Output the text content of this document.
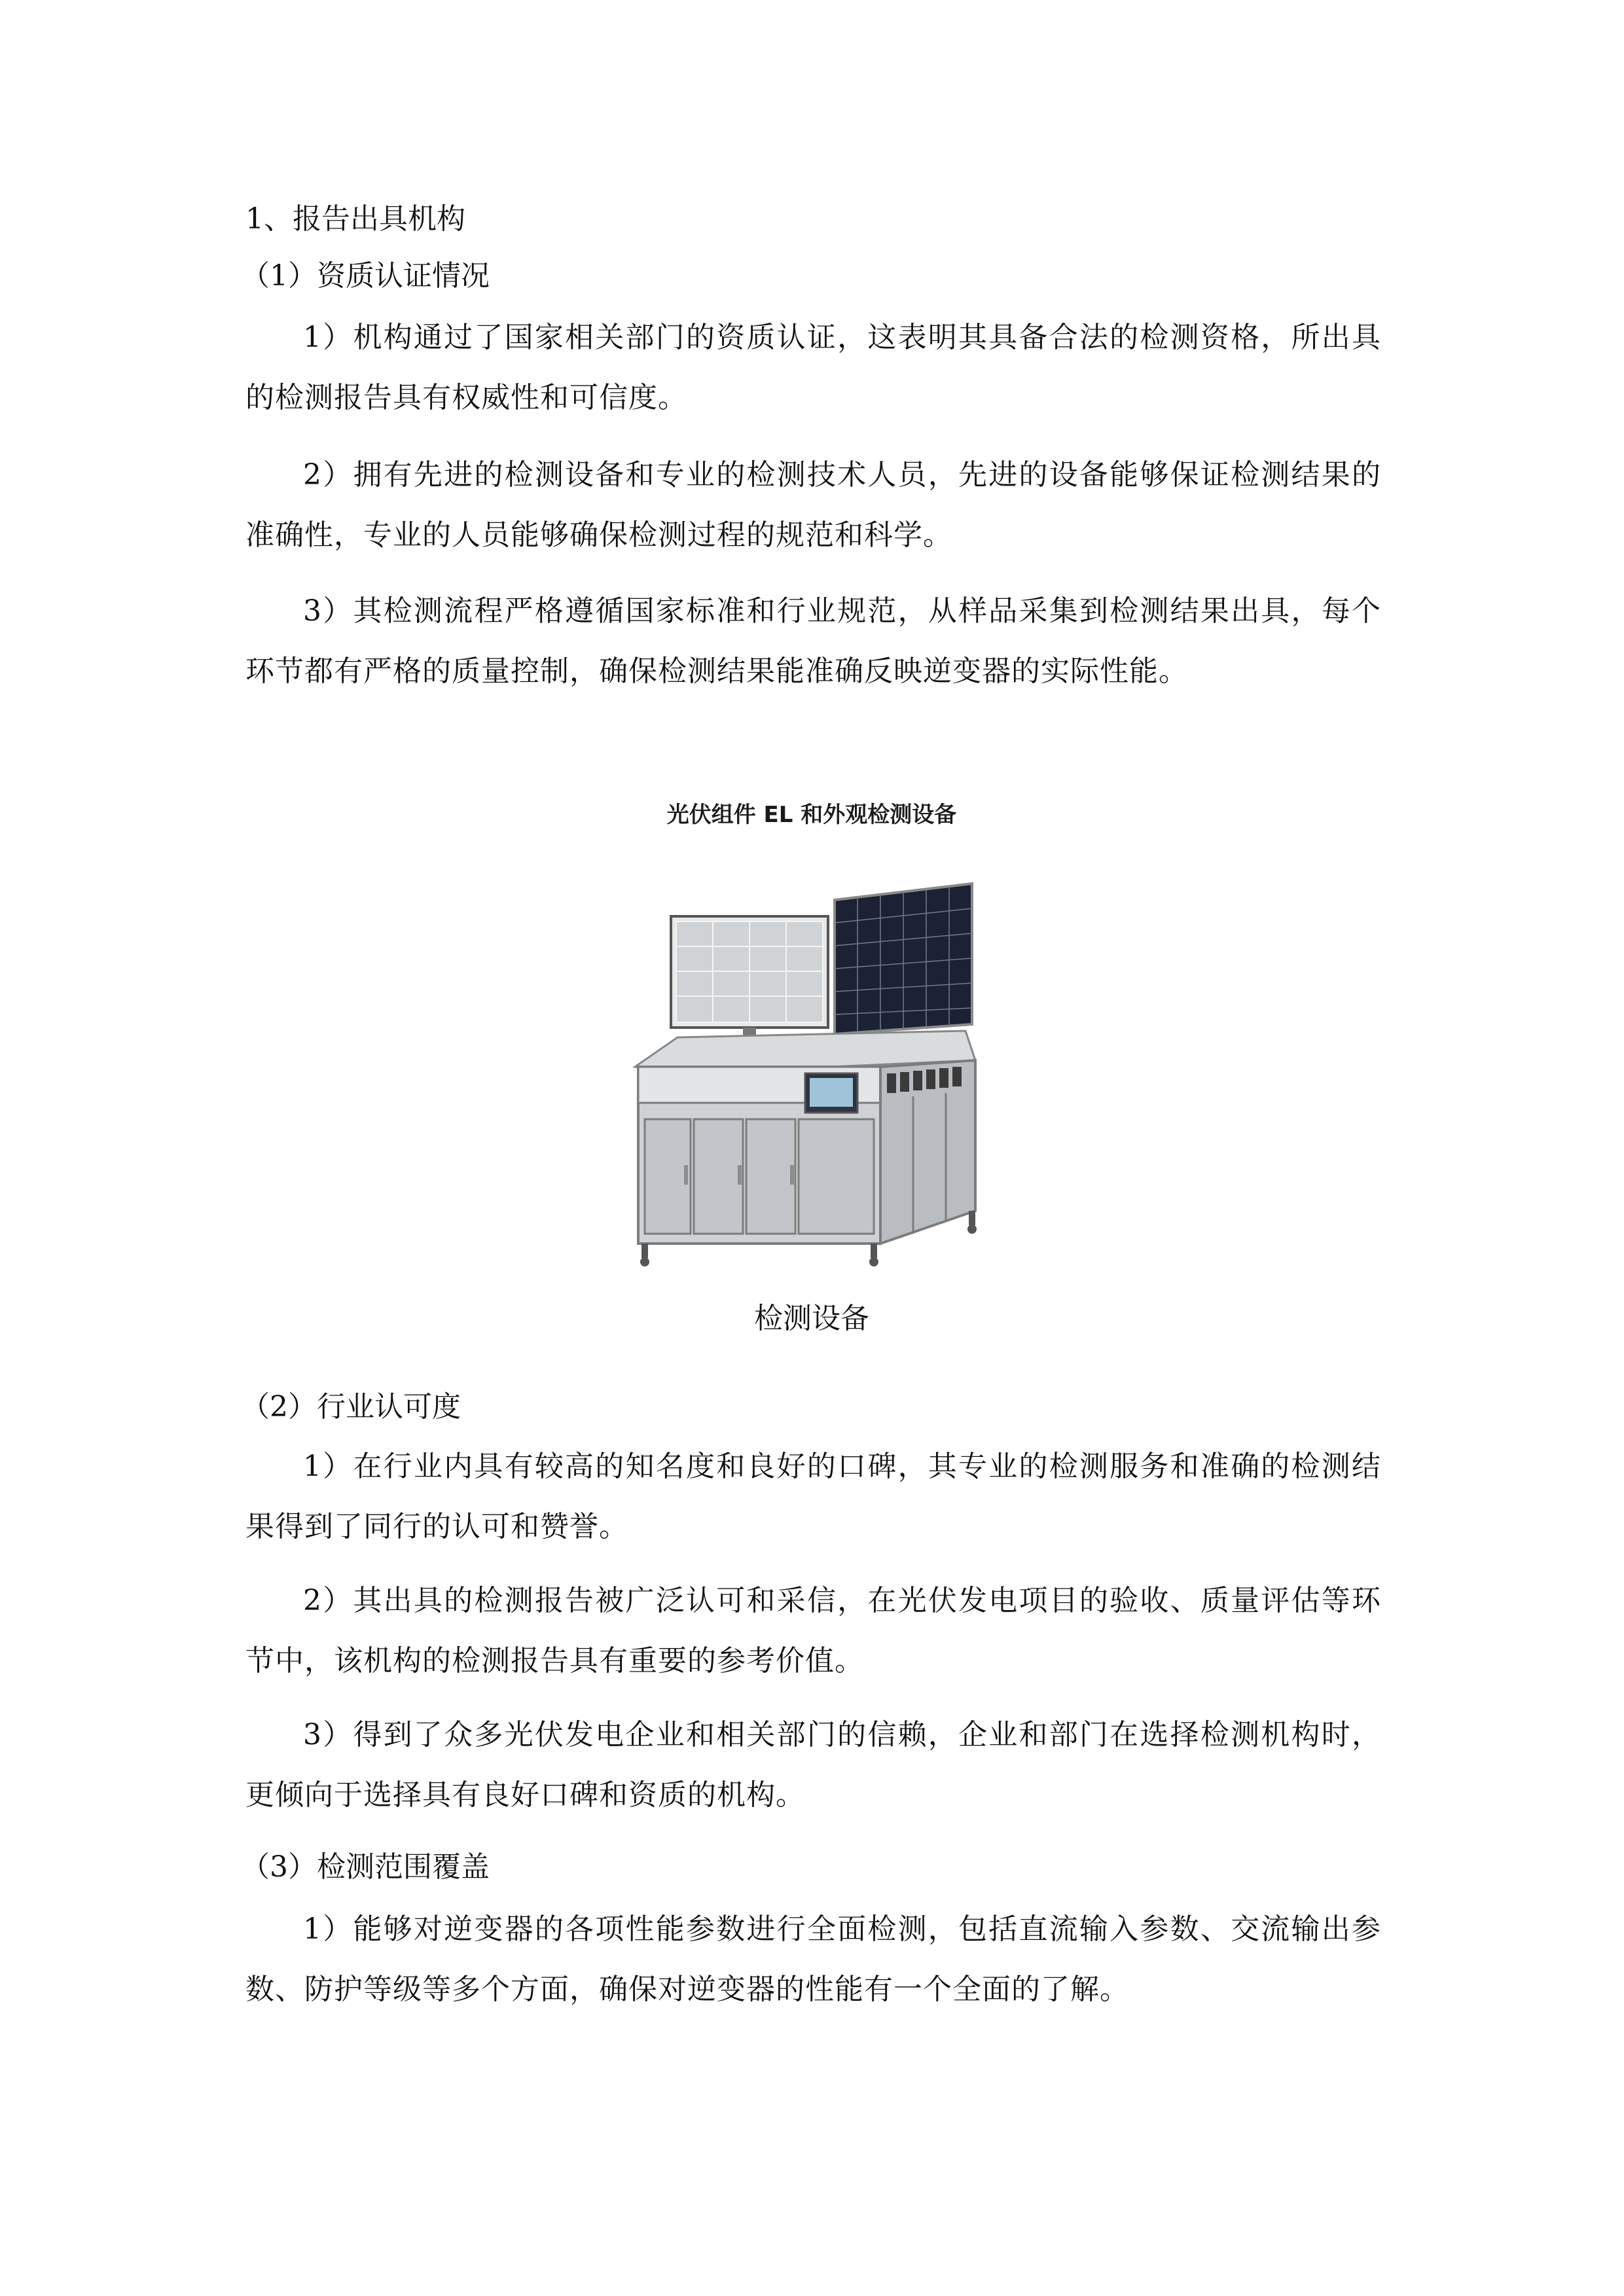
1、报告出具机构
（1）资质认证情况
1）机构通过了国家相关部门的资质认证，这表明其具备合法的检测资格，所出具的检测报告具有权威性和可信度。
2）拥有先进的检测设备和专业的检测技术人员，先进的设备能够保证检测结果的准确性，专业的人员能够确保检测过程的规范和科学。
3）其检测流程严格遵循国家标准和行业规范，从样品采集到检测结果出具，每个环节都有严格的质量控制，确保检测结果能准确反映逆变器的实际性能。
光伏组件 EL 和外观检测设备
检测设备
（2）行业认可度
1）在行业内具有较高的知名度和良好的口碑，其专业的检测服务和准确的检测结果得到了同行的认可和赞誉。
2）其出具的检测报告被广泛认可和采信，在光伏发电项目的验收、质量评估等环节中，该机构的检测报告具有重要的参考价值。
3）得到了众多光伏发电企业和相关部门的信赖，企业和部门在选择检测机构时，更倾向于选择具有良好口碑和资质的机构。
（3）检测范围覆盖
1）能够对逆变器的各项性能参数进行全面检测，包括直流输入参数、交流输出参数、防护等级等多个方面，确保对逆变器的性能有一个全面的了解。
